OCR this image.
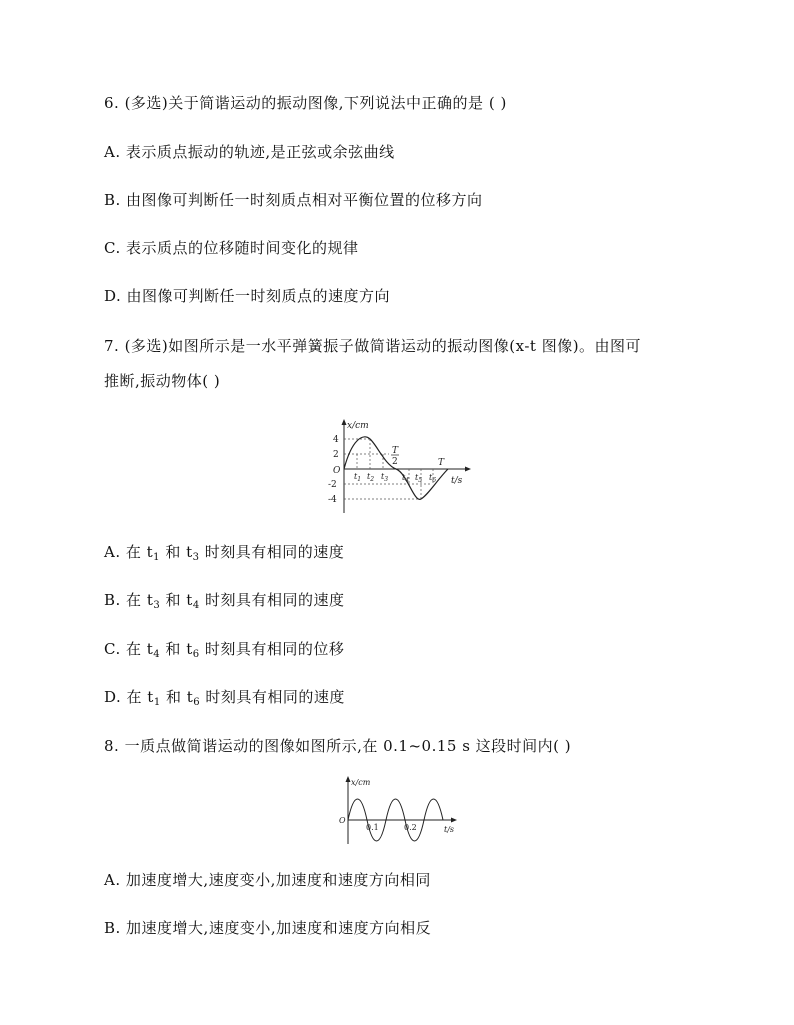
6. (多选)关于简谐运动的振动图像,下列说法中正确的是 ( )
A. 表示质点振动的轨迹,是正弦或余弦曲线
B. 由图像可判断任一时刻质点相对平衡位置的位移方向
C. 表示质点的位移随时间变化的规律
D. 由图像可判断任一时刻质点的速度方向
7. (多选)如图所示是一水平弹簧振子做简谐运动的振动图像(x-t 图像)。由图可
推断,振动物体( )
x/cm
4
2
O
-2
-4
T
2	T
t/s
$t_1$ $t_2$ $t_3$ $t_4$ $t_5$ $t_6$
A. 在 $t_1$ 和 $t_3$ 时刻具有相同的速度
B. 在 $t_3$ 和 $t_4$ 时刻具有相同的速度
C. 在 $t_4$ 和 $t_6$ 时刻具有相同的位移
D. 在 $t_1$ 和 $t_6$ 时刻具有相同的速度
8. 一质点做简谐运动的图像如图所示,在 0.1~0.15 s 这段时间内( )
x/cm
O
0.1	0.2	t/s
A. 加速度增大,速度变小,加速度和速度方向相同
B. 加速度增大,速度变小,加速度和速度方向相反
